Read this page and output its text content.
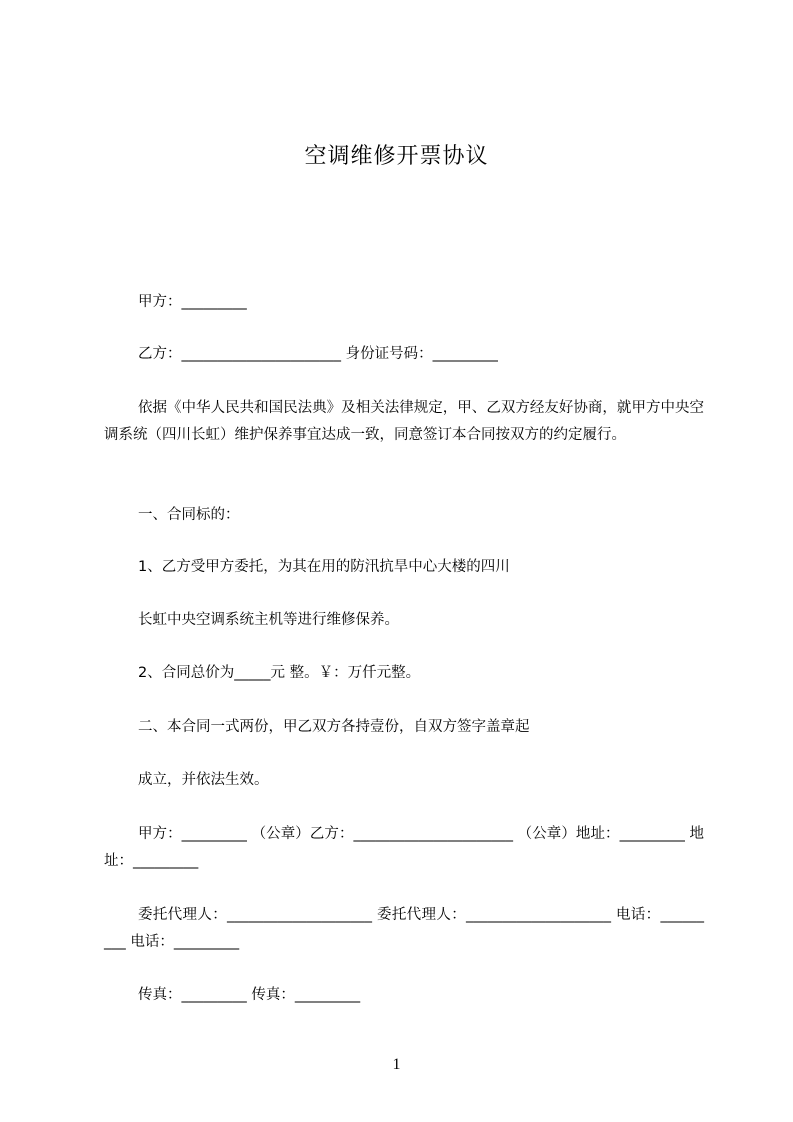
空调维修开票协议
甲方：_________
乙方：______________________ 身份证号码：_________
依据《中华人民共和国民法典》及相关法律规定，甲、乙双方经友好协商，就甲方中央空调系统（四川长虹）维护保养事宜达成一致，同意签订本合同按双方的约定履行。
一、合同标的：
1、乙方受甲方委托，为其在用的防汛抗旱中心大楼的四川
长虹中央空调系统主机等进行维修保养。
2、合同总价为_____元 整。￥：万仟元整。
二、本合同一式两份，甲乙双方各持壹份，自双方签字盖章起
成立，并依法生效。
甲方：_________ （公章）乙方：______________________ （公章）地址：_________ 地址：_________
委托代理人：____________________ 委托代理人：____________________ 电话：_________ 电话：_________
传真：_________ 传真：_________
1
